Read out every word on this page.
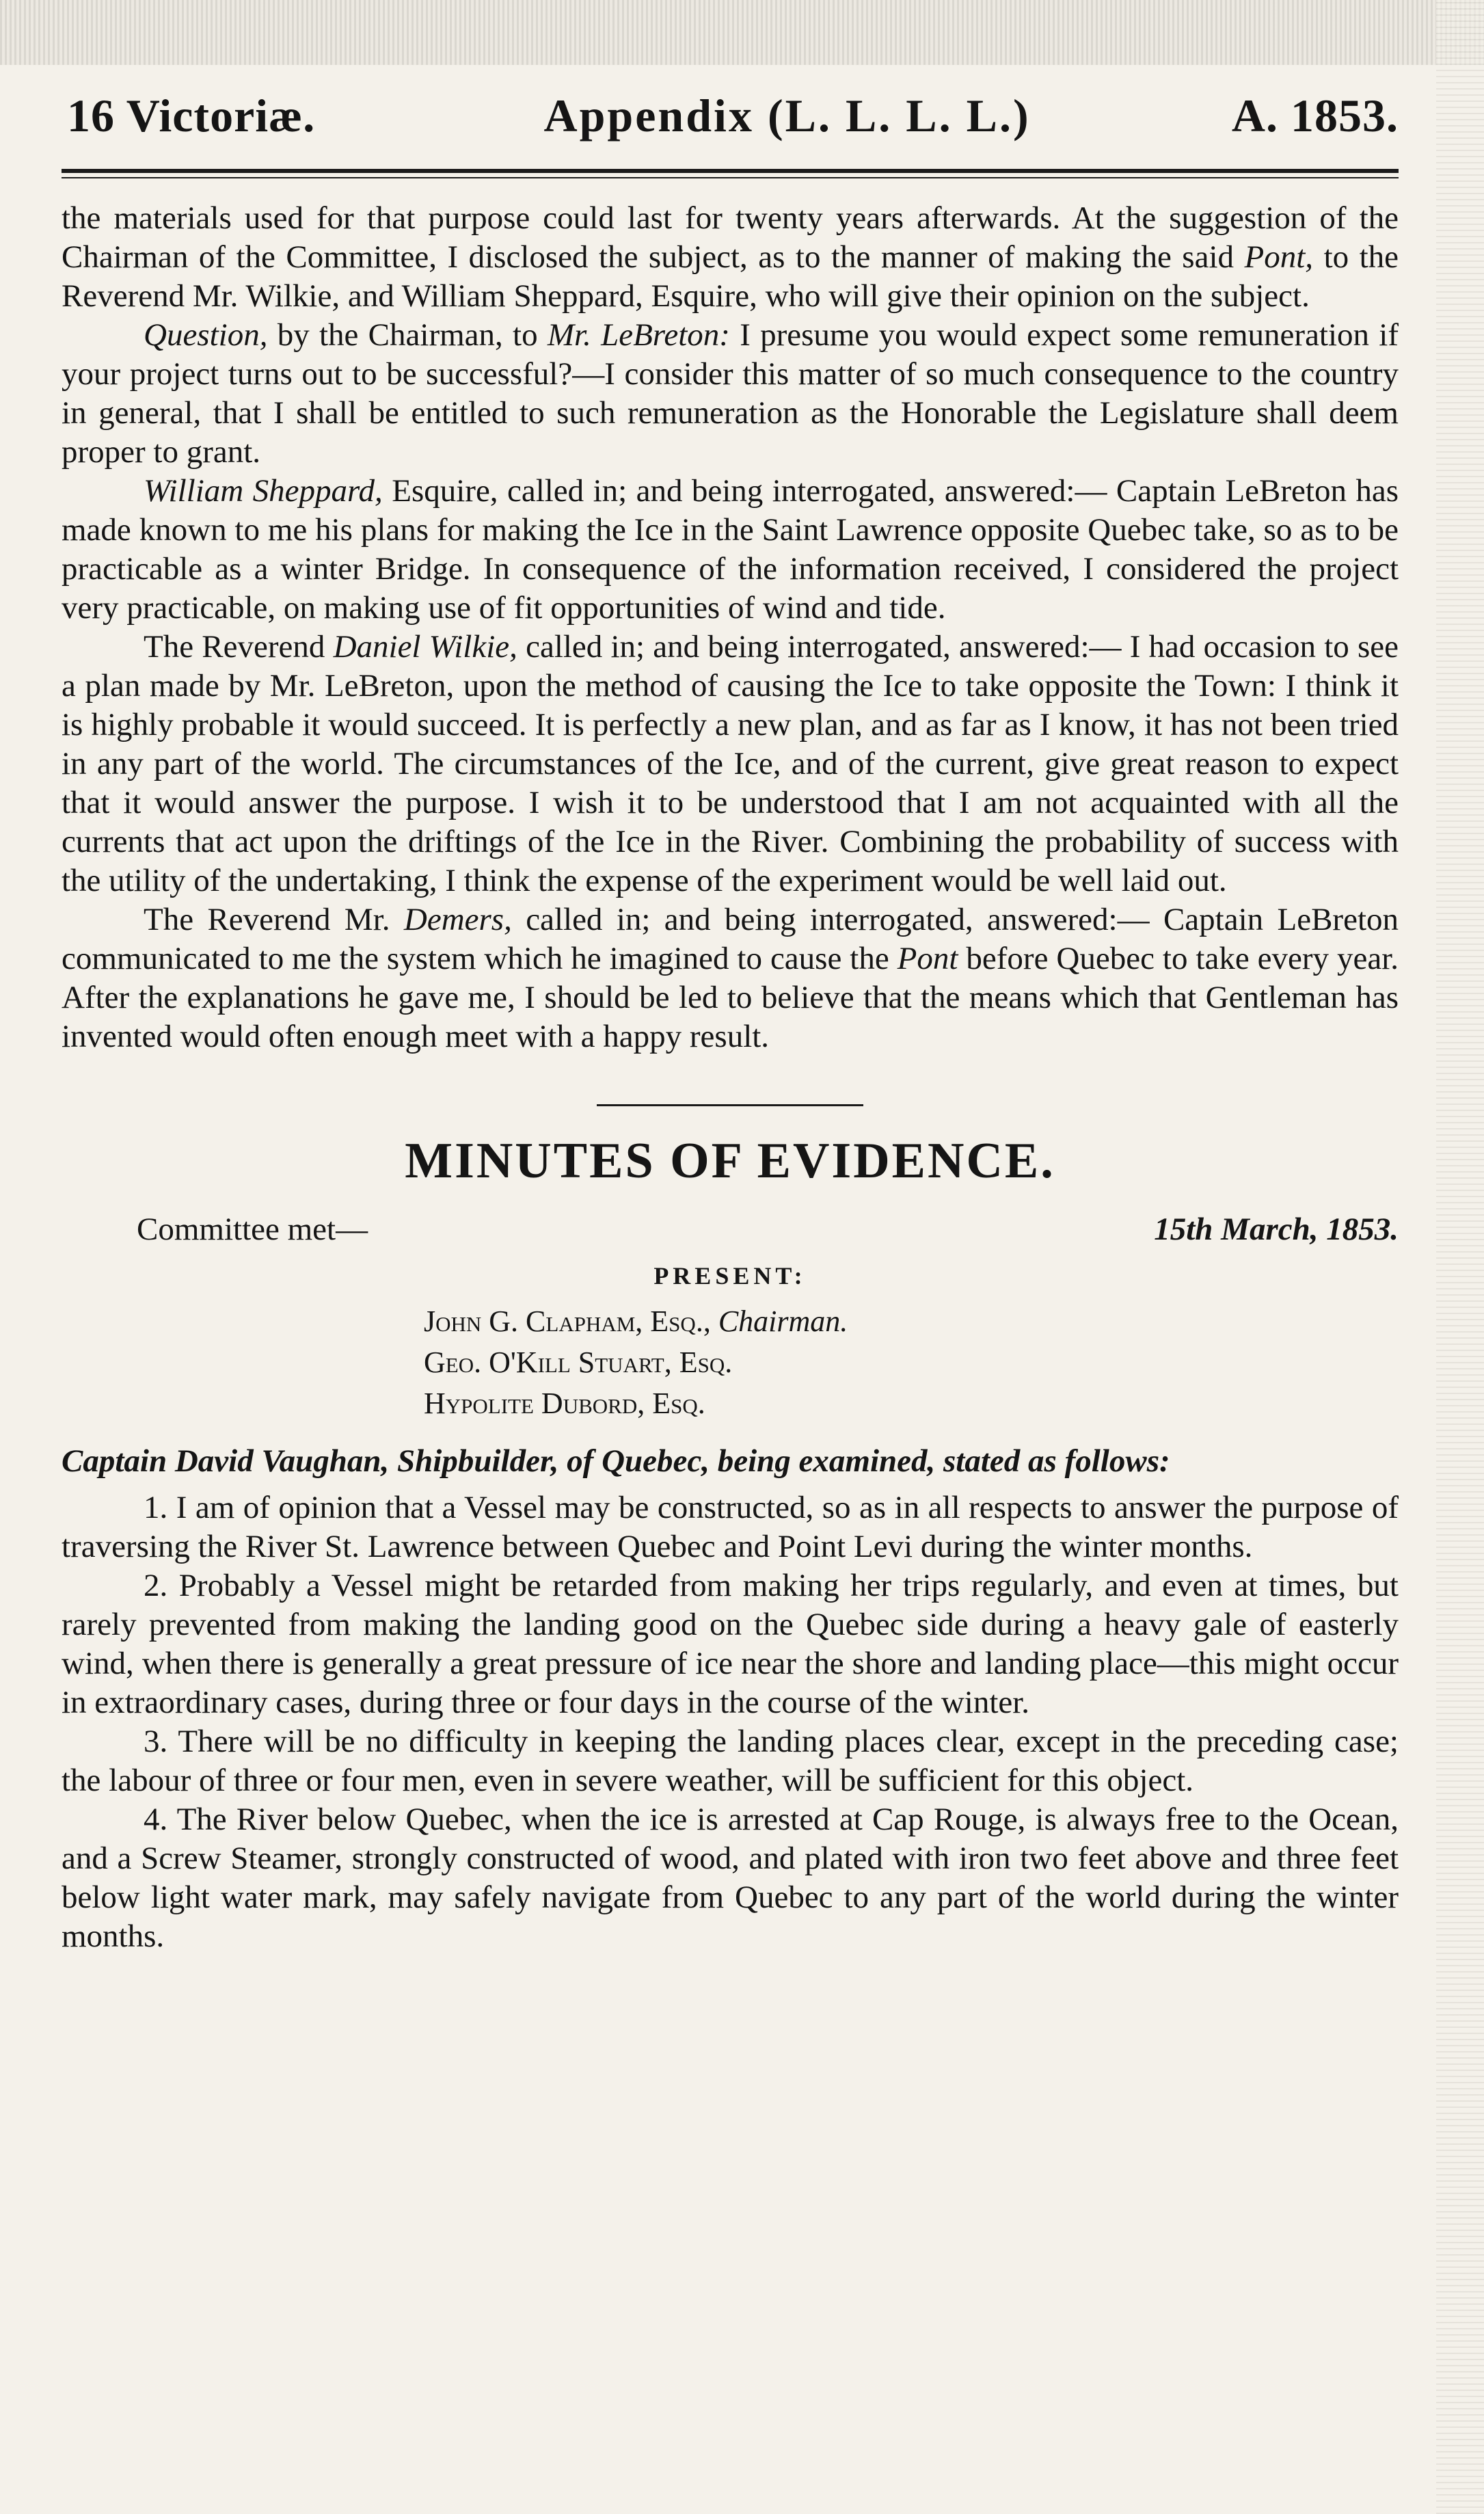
16 Victoriæ.	Appendix (L. L. L. L.)	A. 1853.

the materials used for that purpose could last for twenty years afterwards. At the suggestion of the Chairman of the Committee, I disclosed the subject, as to the manner of making the said Pont, to the Reverend Mr. Wilkie, and William Sheppard, Esquire, who will give their opinion on the subject.

Question, by the Chairman, to Mr. LeBreton: I presume you would expect some remuneration if your project turns out to be successful?—I consider this matter of so much consequence to the country in general, that I shall be entitled to such remuneration as the Honorable the Legislature shall deem proper to grant.

William Sheppard, Esquire, called in; and being interrogated, answered:— Captain LeBreton has made known to me his plans for making the Ice in the Saint Lawrence opposite Quebec take, so as to be practicable as a winter Bridge. In consequence of the information received, I considered the project very practicable, on making use of fit opportunities of wind and tide.

The Reverend Daniel Wilkie, called in; and being interrogated, answered:— I had occasion to see a plan made by Mr. LeBreton, upon the method of causing the Ice to take opposite the Town: I think it is highly probable it would succeed. It is perfectly a new plan, and as far as I know, it has not been tried in any part of the world. The circumstances of the Ice, and of the current, give great reason to expect that it would answer the purpose. I wish it to be understood that I am not acquainted with all the currents that act upon the driftings of the Ice in the River. Combining the probability of success with the utility of the undertaking, I think the expense of the experiment would be well laid out.

The Reverend Mr. Demers, called in; and being interrogated, answered:— Captain LeBreton communicated to me the system which he imagined to cause the Pont before Quebec to take every year. After the explanations he gave me, I should be led to believe that the means which that Gentleman has invented would often enough meet with a happy result.

MINUTES OF EVIDENCE.
Committee met—	15th March, 1853.
PRESENT:
John G. Clapham, Esq., Chairman.
Geo. O'Kill Stuart, Esq.
Hypolite Dubord, Esq.
Captain David Vaughan, Shipbuilder, of Quebec, being examined, stated as follows:

1. I am of opinion that a Vessel may be constructed, so as in all respects to answer the purpose of traversing the River St. Lawrence between Quebec and Point Levi during the winter months.

2. Probably a Vessel might be retarded from making her trips regularly, and even at times, but rarely prevented from making the landing good on the Quebec side during a heavy gale of easterly wind, when there is generally a great pressure of ice near the shore and landing place—this might occur in extraordinary cases, during three or four days in the course of the winter.

3. There will be no difficulty in keeping the landing places clear, except in the preceding case; the labour of three or four men, even in severe weather, will be sufficient for this object.

4. The River below Quebec, when the ice is arrested at Cap Rouge, is always free to the Ocean, and a Screw Steamer, strongly constructed of wood, and plated with iron two feet above and three feet below light water mark, may safely navigate from Quebec to any part of the world during the winter months.
